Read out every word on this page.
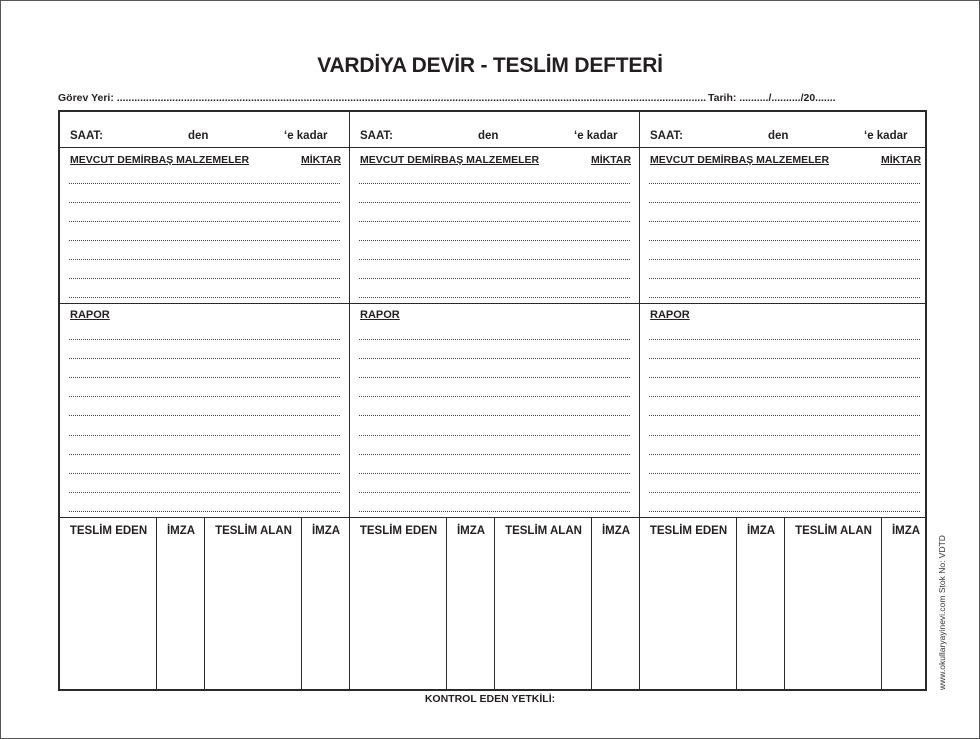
VARDİYA DEVİR - TESLİM DEFTERİ
Görev Yeri: .......................................................................................................................................................................................................... Tarih: ........../........../20.......
SAAT:	den	‘e kadar
MEVCUT DEMİRBAŞ MALZEMELER	MİKTAR
RAPOR
TESLİM EDEN	İMZA	TESLİM ALAN	İMZA
SAAT:	den	‘e kadar
MEVCUT DEMİRBAŞ MALZEMELER	MİKTAR
RAPOR
TESLİM EDEN	İMZA	TESLİM ALAN	İMZA
SAAT:	den	‘e kadar
MEVCUT DEMİRBAŞ MALZEMELER	MİKTAR
RAPOR
TESLİM EDEN	İMZA	TESLİM ALAN	İMZA
KONTROL EDEN YETKİLİ:
www.okullaryayinevi.com Stok No: VDTD
